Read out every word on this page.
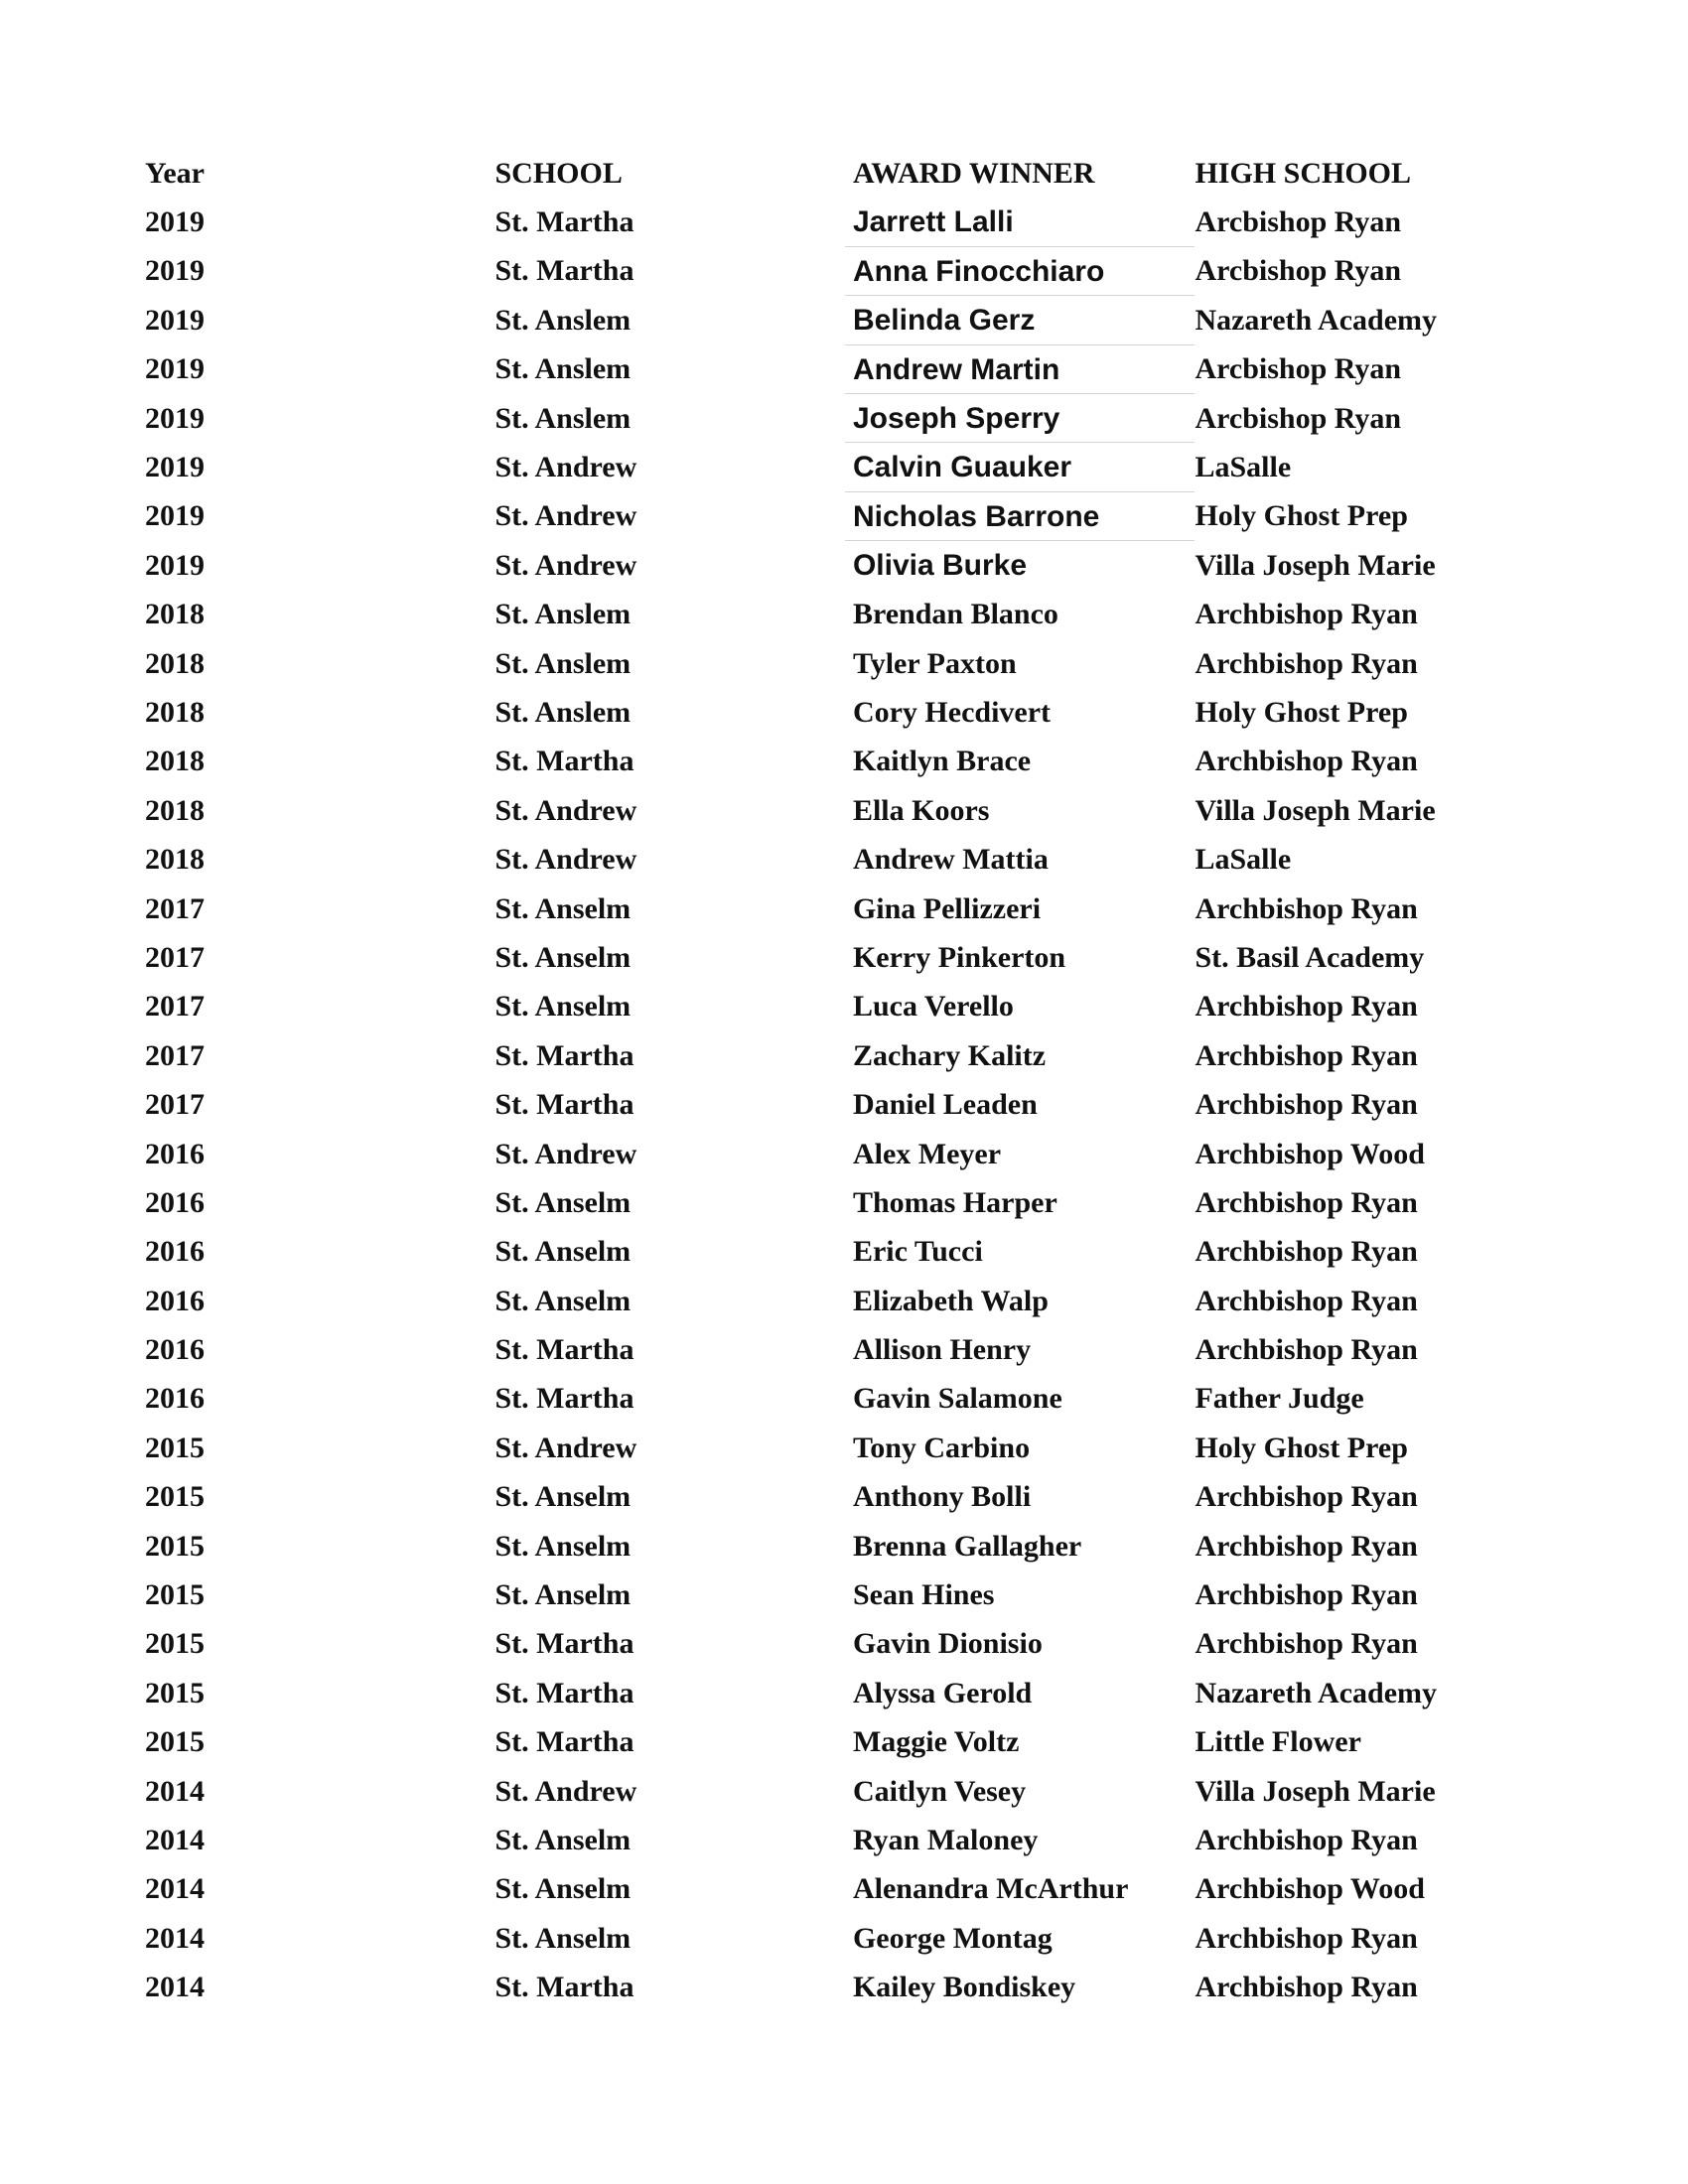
Year	SCHOOL	AWARD WINNER	HIGH SCHOOL
2019	St. Martha	Jarrett Lalli	Arcbishop Ryan
2019	St. Martha	Anna Finocchiaro	Arcbishop Ryan
2019	St. Anslem	Belinda Gerz	Nazareth Academy
2019	St. Anslem	Andrew Martin	Arcbishop Ryan
2019	St. Anslem	Joseph Sperry	Arcbishop Ryan
2019	St. Andrew	Calvin Guauker	LaSalle
2019	St. Andrew	Nicholas Barrone	Holy Ghost Prep
2019	St. Andrew	Olivia Burke	Villa Joseph Marie
2018	St. Anslem	Brendan Blanco	Archbishop Ryan
2018	St. Anslem	Tyler Paxton	Archbishop Ryan
2018	St. Anslem	Cory Hecdivert	Holy Ghost Prep
2018	St. Martha	Kaitlyn Brace	Archbishop Ryan
2018	St. Andrew	Ella Koors	Villa Joseph Marie
2018	St. Andrew	Andrew Mattia	LaSalle
2017	St. Anselm	Gina Pellizzeri	Archbishop Ryan
2017	St. Anselm	Kerry Pinkerton	St. Basil Academy
2017	St. Anselm	Luca Verello	Archbishop Ryan
2017	St. Martha	Zachary Kalitz	Archbishop Ryan
2017	St. Martha	Daniel Leaden	Archbishop Ryan
2016	St. Andrew	Alex Meyer	Archbishop Wood
2016	St. Anselm	Thomas Harper	Archbishop Ryan
2016	St. Anselm	Eric Tucci	Archbishop Ryan
2016	St. Anselm	Elizabeth Walp	Archbishop Ryan
2016	St. Martha	Allison Henry	Archbishop Ryan
2016	St. Martha	Gavin Salamone	Father Judge
2015	St. Andrew	Tony Carbino	Holy Ghost Prep
2015	St. Anselm	Anthony Bolli	Archbishop Ryan
2015	St. Anselm	Brenna Gallagher	Archbishop Ryan
2015	St. Anselm	Sean Hines	Archbishop Ryan
2015	St. Martha	Gavin Dionisio	Archbishop Ryan
2015	St. Martha	Alyssa Gerold	Nazareth Academy
2015	St. Martha	Maggie Voltz	Little Flower
2014	St. Andrew	Caitlyn Vesey	Villa Joseph Marie
2014	St. Anselm	Ryan Maloney	Archbishop Ryan
2014	St. Anselm	Alenandra McArthur	Archbishop Wood
2014	St. Anselm	George Montag	Archbishop Ryan
2014	St. Martha	Kailey Bondiskey	Archbishop Ryan
